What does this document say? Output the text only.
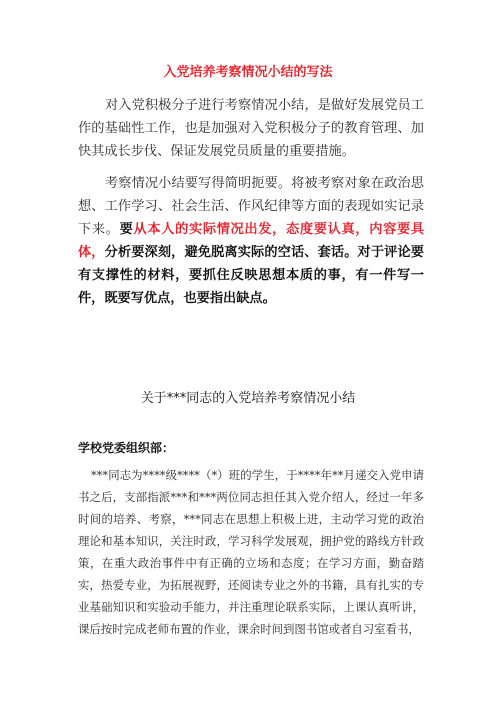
入党培养考察情况小结的写法
对入党积极分子进行考察情况小结，是做好发展党员工作的基础性工作，也是加强对入党积极分子的教育管理、加快其成长步伐、保证发展党员质量的重要措施。
考察情况小结要写得简明扼要。将被考察对象在政治思想、工作学习、社会生活、作风纪律等方面的表现如实记录下来。要从本人的实际情况出发，态度要认真，内容要具体，分析要深刻，避免脱离实际的空话、套话。对于评论要有支撑性的材料，要抓住反映思想本质的事，有一件写一件，既要写优点，也要指出缺点。
关于***同志的入党培养考察情况小结
学校党委组织部：
***同志为****级****（*）班的学生，于****年**月递交入党申请书之后，支部指派***和***两位同志担任其入党介绍人，经过一年多时间的培养、考察，***同志在思想上积极上进，主动学习党的政治理论和基本知识，关注时政，学习科学发展观，拥护党的路线方针政策，在重大政治事件中有正确的立场和态度；在学习方面，勤奋踏实，热爱专业，为拓展视野，还阅读专业之外的书籍，具有扎实的专业基础知识和实验动手能力，并注重理论联系实际，上课认真听讲，课后按时完成老师布置的作业，课余时间到图书馆或者自习室看书，
